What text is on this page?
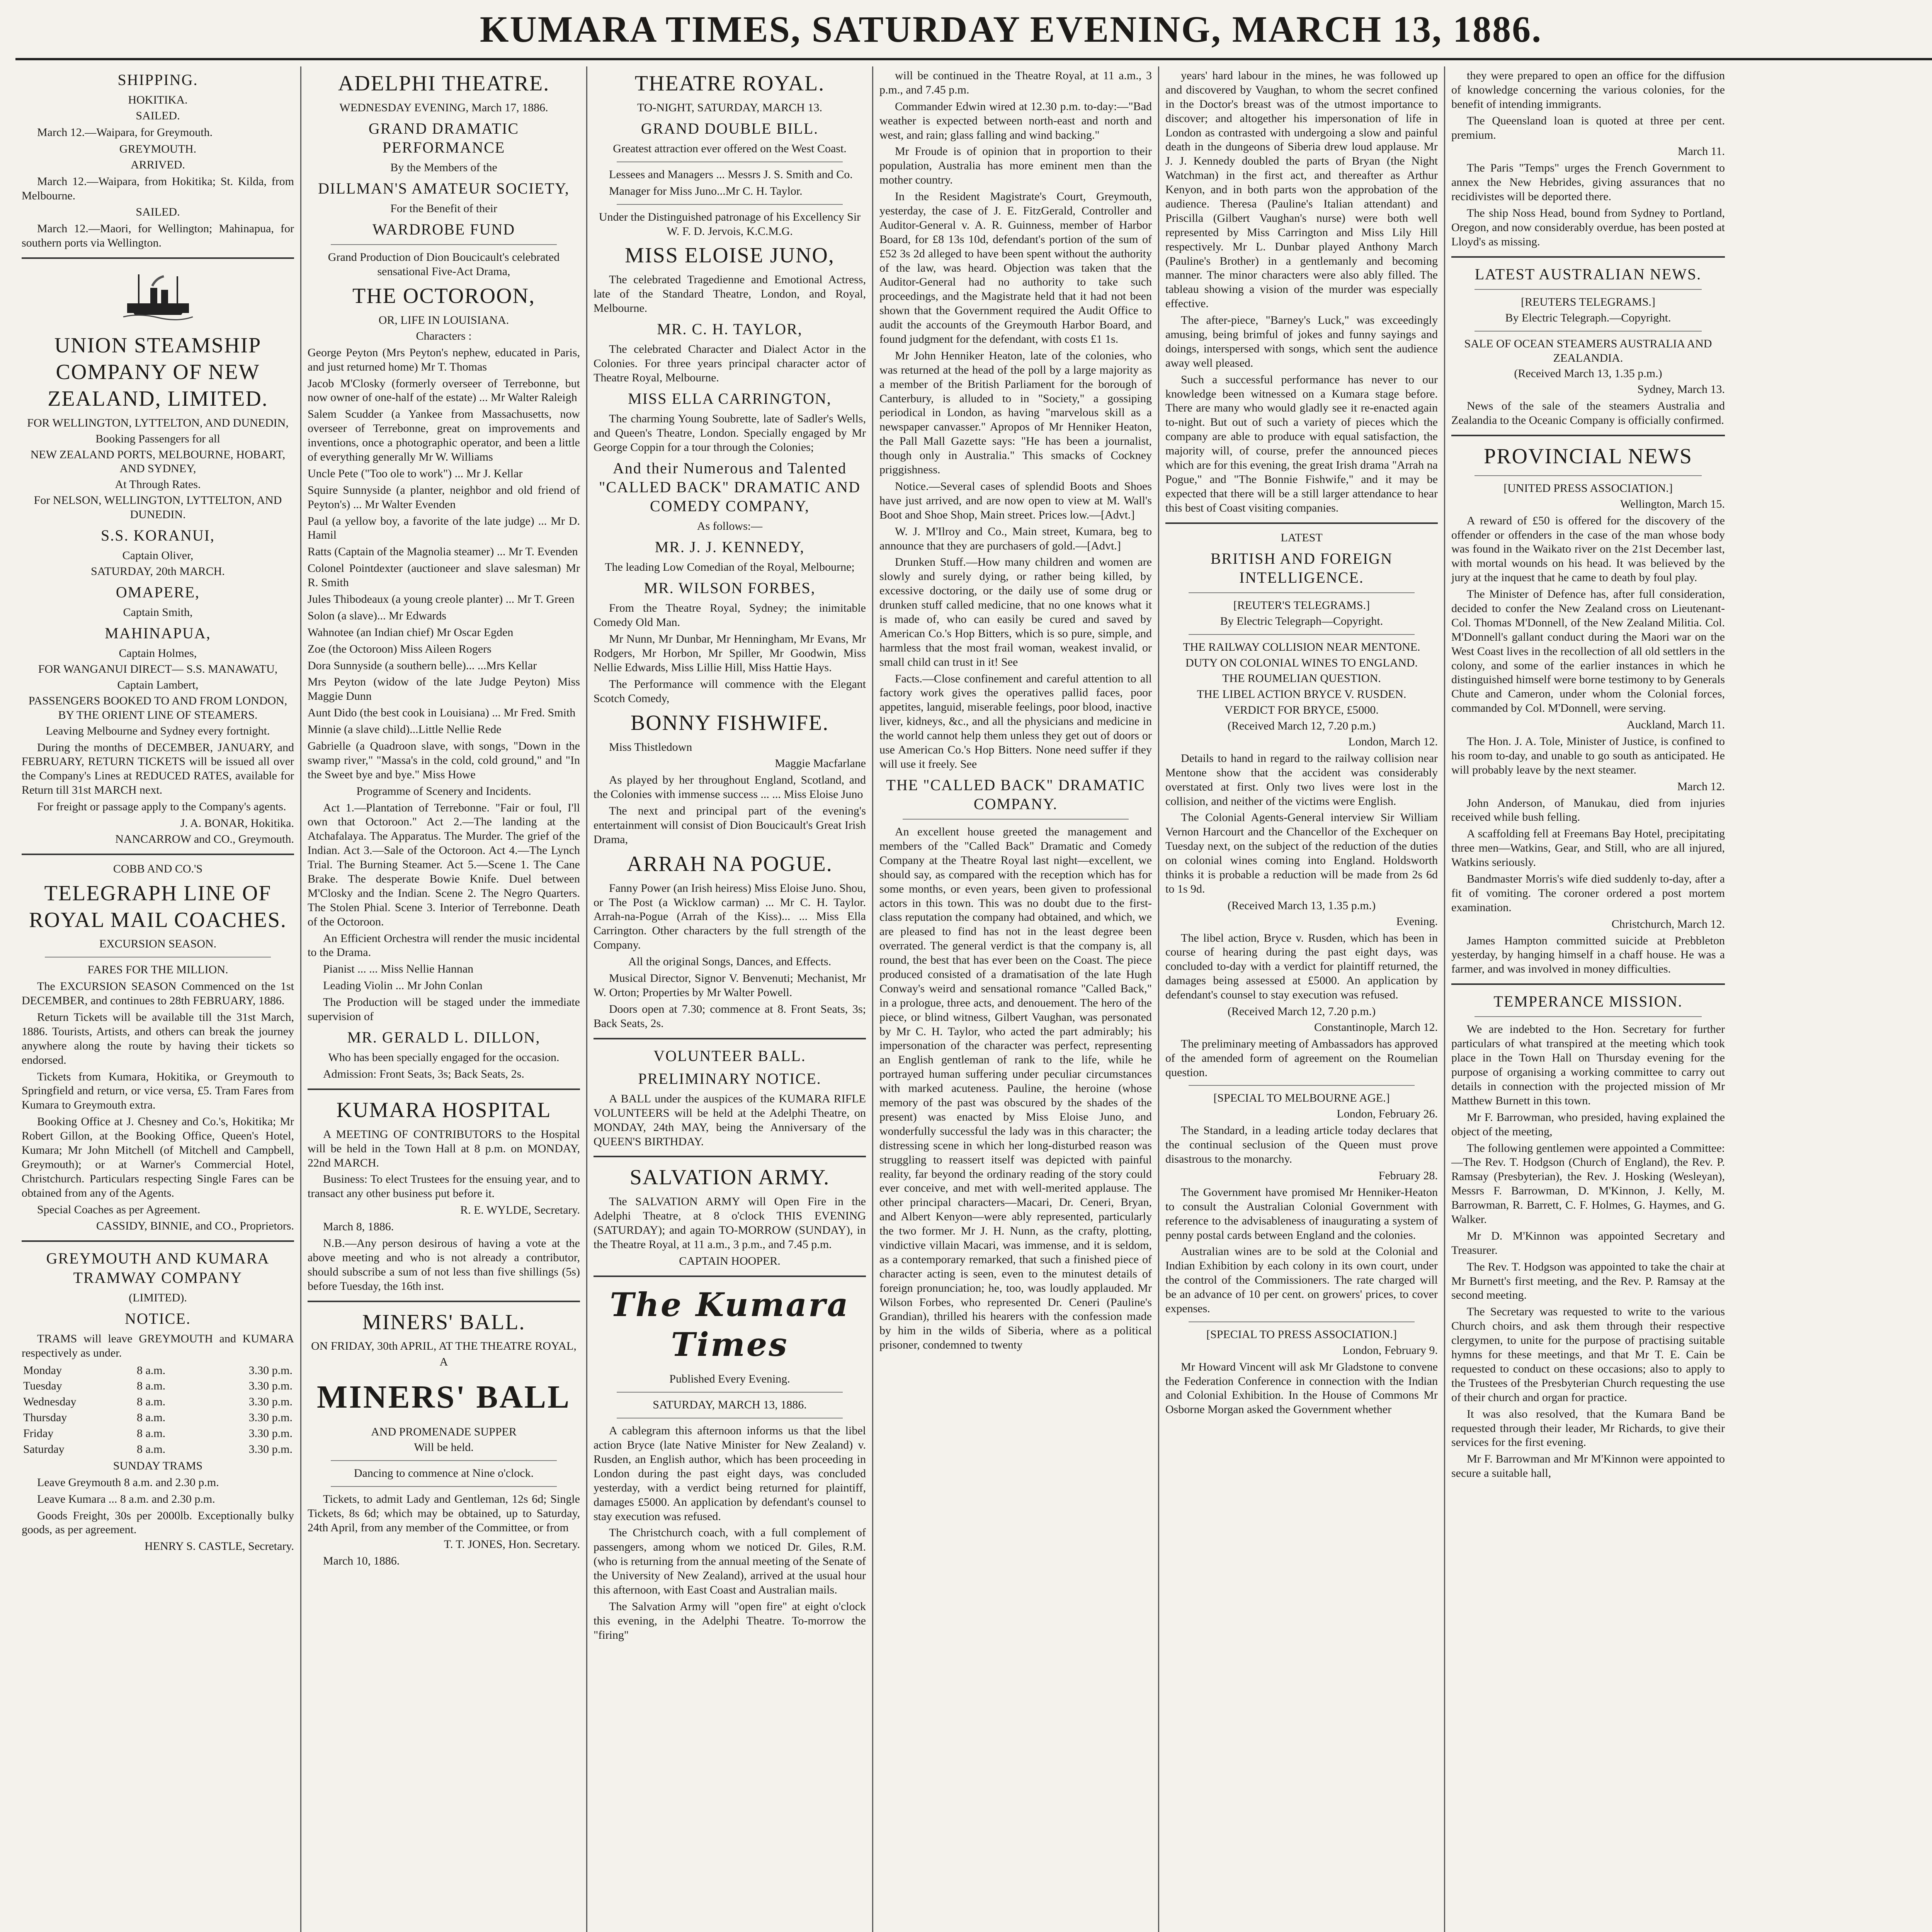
KUMARA TIMES, SATURDAY EVENING, MARCH 13, 1886.
SHIPPING.
HOKITIKA.
SAILED.
March 12.—Waipara, for Greymouth.
GREYMOUTH.
ARRIVED.
March 12.—Waipara, from Hokitika; St. Kilda, from Melbourne.
SAILED.
March 12.—Maori, for Wellington; Mahinapua, for southern ports via Wellington.
UNION STEAMSHIP COMPANY OF NEW ZEALAND, LIMITED.
FOR WELLINGTON, LYTTELTON, AND DUNEDIN,
Booking Passengers for all
NEW ZEALAND PORTS, MELBOURNE, HOBART, AND SYDNEY,
At Through Rates.
For NELSON, WELLINGTON, LYTTELTON, AND DUNEDIN.
S.S. KORANUI,
Captain Oliver,
SATURDAY, 20th MARCH.
OMAPERE,
Captain Smith,
MAHINAPUA,
Captain Holmes,
FOR WANGANUI DIRECT— S.S. MANAWATU,
Captain Lambert,
PASSENGERS BOOKED TO AND FROM LONDON, BY THE ORIENT LINE OF STEAMERS.
Leaving Melbourne and Sydney every fortnight.
During the months of DECEMBER, JANUARY, and FEBRUARY, RETURN TICKETS will be issued all over the Company's Lines at REDUCED RATES, available for Return till 31st MARCH next.
For freight or passage apply to the Company's agents.
J. A. BONAR, Hokitika.
NANCARROW and CO., Greymouth.
COBB AND CO.'S
TELEGRAPH LINE OF ROYAL MAIL COACHES.
EXCURSION SEASON.
FARES FOR THE MILLION.
The EXCURSION SEASON Commenced on the 1st DECEMBER, and continues to 28th FEBRUARY, 1886.
Return Tickets will be available till the 31st March, 1886. Tourists, Artists, and others can break the journey anywhere along the route by having their tickets so endorsed.
Tickets from Kumara, Hokitika, or Greymouth to Springfield and return, or vice versa, £5. Tram Fares from Kumara to Greymouth extra.
Booking Office at J. Chesney and Co.'s, Hokitika; Mr Robert Gillon, at the Booking Office, Queen's Hotel, Kumara; Mr John Mitchell (of Mitchell and Campbell, Greymouth); or at Warner's Commercial Hotel, Christchurch. Particulars respecting Single Fares can be obtained from any of the Agents.
Special Coaches as per Agreement.
CASSIDY, BINNIE, and CO., Proprietors.
GREYMOUTH AND KUMARA TRAMWAY COMPANY
(LIMITED).
NOTICE.
TRAMS will leave GREYMOUTH and KUMARA respectively as under.
Monday	8 a.m.	3.30 p.m.
Tuesday	8 a.m.	3.30 p.m.
Wednesday	8 a.m.	3.30 p.m.
Thursday	8 a.m.	3.30 p.m.
Friday	8 a.m.	3.30 p.m.
Saturday	8 a.m.	3.30 p.m.
SUNDAY TRAMS
Leave Greymouth 8 a.m. and 2.30 p.m.
Leave Kumara ... 8 a.m. and 2.30 p.m.
Goods Freight, 30s per 2000lb. Exceptionally bulky goods, as per agreement.
HENRY S. CASTLE, Secretary.
ADELPHI THEATRE.
WEDNESDAY EVENING, March 17, 1886.
GRAND DRAMATIC PERFORMANCE
By the Members of the
DILLMAN'S AMATEUR SOCIETY,
For the Benefit of their
WARDROBE FUND
Grand Production of Dion Boucicault's celebrated sensational Five-Act Drama,
THE OCTOROON,
OR, LIFE IN LOUISIANA.
Characters :
George Peyton (Mrs Peyton's nephew, educated in Paris, and just returned home) Mr T. Thomas
Jacob M'Closky (formerly overseer of Terrebonne, but now owner of one-half of the estate) ... Mr Walter Raleigh
Salem Scudder (a Yankee from Massachusetts, now overseer of Terrebonne, great on improvements and inventions, once a photographic operator, and been a little of everything generally Mr W. Williams
Uncle Pete ("Too ole to work") ... Mr J. Kellar
Squire Sunnyside (a planter, neighbor and old friend of Peyton's) ... Mr Walter Evenden
Paul (a yellow boy, a favorite of the late judge) ... Mr D. Hamil
Ratts (Captain of the Magnolia steamer) ... Mr T. Evenden
Colonel Pointdexter (auctioneer and slave salesman) Mr R. Smith
Jules Thibodeaux (a young creole planter) ... Mr T. Green
Solon (a slave)... Mr Edwards
Wahnotee (an Indian chief) Mr Oscar Egden
Zoe (the Octoroon) Miss Aileen Rogers
Dora Sunnyside (a southern belle)... ...Mrs Kellar
Mrs Peyton (widow of the late Judge Peyton) Miss Maggie Dunn
Aunt Dido (the best cook in Louisiana) ... Mr Fred. Smith
Minnie (a slave child)...Little Nellie Rede
Gabrielle (a Quadroon slave, with songs, "Down in the swamp river," "Massa's in the cold, cold ground," and "In the Sweet bye and bye." Miss Howe
Programme of Scenery and Incidents.
Act 1.—Plantation of Terrebonne. "Fair or foul, I'll own that Octoroon." Act 2.—The landing at the Atchafalaya. The Apparatus. The Murder. The grief of the Indian. Act 3.—Sale of the Octoroon. Act 4.—The Lynch Trial. The Burning Steamer. Act 5.—Scene 1. The Cane Brake. The desperate Bowie Knife. Duel between M'Closky and the Indian. Scene 2. The Negro Quarters. The Stolen Phial. Scene 3. Interior of Terrebonne. Death of the Octoroon.
An Efficient Orchestra will render the music incidental to the Drama.
Pianist ... ... Miss Nellie Hannan
Leading Violin ... Mr John Conlan
The Production will be staged under the immediate supervision of
MR. GERALD L. DILLON,
Who has been specially engaged for the occasion.
Admission: Front Seats, 3s; Back Seats, 2s.
KUMARA HOSPITAL
A MEETING OF CONTRIBUTORS to the Hospital will be held in the Town Hall at 8 p.m. on MONDAY, 22nd MARCH.
Business: To elect Trustees for the ensuing year, and to transact any other business put before it.
R. E. WYLDE, Secretary.
March 8, 1886.
N.B.—Any person desirous of having a vote at the above meeting and who is not already a contributor, should subscribe a sum of not less than five shillings (5s) before Tuesday, the 16th inst.
MINERS' BALL.
ON FRIDAY, 30th APRIL, AT THE THEATRE ROYAL,
A
MINERS' BALL
AND PROMENADE SUPPER
Will be held.
Dancing to commence at Nine o'clock.
Tickets, to admit Lady and Gentleman, 12s 6d; Single Tickets, 8s 6d; which may be obtained, up to Saturday, 24th April, from any member of the Committee, or from
T. T. JONES, Hon. Secretary.
March 10, 1886.
THEATRE ROYAL.
TO-NIGHT, SATURDAY, MARCH 13.
GRAND DOUBLE BILL.
Greatest attraction ever offered on the West Coast.
Lessees and Managers ... Messrs J. S. Smith and Co.
Manager for Miss Juno...Mr C. H. Taylor.
Under the Distinguished patronage of his Excellency Sir W. F. D. Jervois, K.C.M.G.
MISS ELOISE JUNO,
The celebrated Tragedienne and Emotional Actress, late of the Standard Theatre, London, and Royal, Melbourne.
MR. C. H. TAYLOR,
The celebrated Character and Dialect Actor in the Colonies. For three years principal character actor of Theatre Royal, Melbourne.
MISS ELLA CARRINGTON,
The charming Young Soubrette, late of Sadler's Wells, and Queen's Theatre, London. Specially engaged by Mr George Coppin for a tour through the Colonies;
And their Numerous and Talented "CALLED BACK" DRAMATIC AND COMEDY COMPANY,
As follows:—
MR. J. J. KENNEDY,
The leading Low Comedian of the Royal, Melbourne;
MR. WILSON FORBES,
From the Theatre Royal, Sydney; the inimitable Comedy Old Man.
Mr Nunn, Mr Dunbar, Mr Henningham, Mr Evans, Mr Rodgers, Mr Horbon, Mr Spiller, Mr Goodwin, Miss Nellie Edwards, Miss Lillie Hill, Miss Hattie Hays.
The Performance will commence with the Elegant Scotch Comedy,
BONNY FISHWIFE.
Miss Thistledown
Maggie Macfarlane
As played by her throughout England, Scotland, and the Colonies with immense success ... ... Miss Eloise Juno
The next and principal part of the evening's entertainment will consist of Dion Boucicault's Great Irish Drama,
ARRAH NA POGUE.
Fanny Power (an Irish heiress) Miss Eloise Juno. Shou, or The Post (a Wicklow carman) ... Mr C. H. Taylor. Arrah-na-Pogue (Arrah of the Kiss)... ... Miss Ella Carrington. Other characters by the full strength of the Company.
All the original Songs, Dances, and Effects.
Musical Director, Signor V. Benvenuti; Mechanist, Mr W. Orton; Properties by Mr Walter Powell.
Doors open at 7.30; commence at 8. Front Seats, 3s; Back Seats, 2s.
VOLUNTEER BALL.
PRELIMINARY NOTICE.
A BALL under the auspices of the KUMARA RIFLE VOLUNTEERS will be held at the Adelphi Theatre, on MONDAY, 24th MAY, being the Anniversary of the QUEEN'S BIRTHDAY.
SALVATION ARMY.
The SALVATION ARMY will Open Fire in the Adelphi Theatre, at 8 o'clock THIS EVENING (SATURDAY); and again TO-MORROW (SUNDAY), in the Theatre Royal, at 11 a.m., 3 p.m., and 7.45 p.m.
CAPTAIN HOOPER.
The Kumara Times
Published Every Evening.
SATURDAY, MARCH 13, 1886.
A cablegram this afternoon informs us that the libel action Bryce (late Native Minister for New Zealand) v. Rusden, an English author, which has been proceeding in London during the past eight days, was concluded yesterday, with a verdict being returned for plaintiff, damages £5000. An application by defendant's counsel to stay execution was refused.
The Christchurch coach, with a full complement of passengers, among whom we noticed Dr. Giles, R.M. (who is returning from the annual meeting of the Senate of the University of New Zealand), arrived at the usual hour this afternoon, with East Coast and Australian mails.
The Salvation Army will "open fire" at eight o'clock this evening, in the Adelphi Theatre. To-morrow the "firing"
will be continued in the Theatre Royal, at 11 a.m., 3 p.m., and 7.45 p.m.
Commander Edwin wired at 12.30 p.m. to-day:—"Bad weather is expected between north-east and north and west, and rain; glass falling and wind backing."
Mr Froude is of opinion that in proportion to their population, Australia has more eminent men than the mother country.
In the Resident Magistrate's Court, Greymouth, yesterday, the case of J. E. FitzGerald, Controller and Auditor-General v. A. R. Guinness, member of Harbor Board, for £8 13s 10d, defendant's portion of the sum of £52 3s 2d alleged to have been spent without the authority of the law, was heard. Objection was taken that the Auditor-General had no authority to take such proceedings, and the Magistrate held that it had not been shown that the Government required the Audit Office to audit the accounts of the Greymouth Harbor Board, and found judgment for the defendant, with costs £1 1s.
Mr John Henniker Heaton, late of the colonies, who was returned at the head of the poll by a large majority as a member of the British Parliament for the borough of Canterbury, is alluded to in "Society," a gossiping periodical in London, as having "marvelous skill as a newspaper canvasser." Apropos of Mr Henniker Heaton, the Pall Mall Gazette says: "He has been a journalist, though only in Australia." This smacks of Cockney priggishness.
Notice.—Several cases of splendid Boots and Shoes have just arrived, and are now open to view at M. Wall's Boot and Shoe Shop, Main street. Prices low.—[Advt.]
W. J. M'Ilroy and Co., Main street, Kumara, beg to announce that they are purchasers of gold.—[Advt.]
Drunken Stuff.—How many children and women are slowly and surely dying, or rather being killed, by excessive doctoring, or the daily use of some drug or drunken stuff called medicine, that no one knows what it is made of, who can easily be cured and saved by American Co.'s Hop Bitters, which is so pure, simple, and harmless that the most frail woman, weakest invalid, or small child can trust in it! See
Facts.—Close confinement and careful attention to all factory work gives the operatives pallid faces, poor appetites, languid, miserable feelings, poor blood, inactive liver, kidneys, &c., and all the physicians and medicine in the world cannot help them unless they get out of doors or use American Co.'s Hop Bitters. None need suffer if they will use it freely. See
THE "CALLED BACK" DRAMATIC COMPANY.
An excellent house greeted the management and members of the "Called Back" Dramatic and Comedy Company at the Theatre Royal last night—excellent, we should say, as compared with the reception which has for some months, or even years, been given to professional actors in this town. This was no doubt due to the first-class reputation the company had obtained, and which, we are pleased to find has not in the least degree been overrated. The general verdict is that the company is, all round, the best that has ever been on the Coast. The piece produced consisted of a dramatisation of the late Hugh Conway's weird and sensational romance "Called Back," in a prologue, three acts, and denouement. The hero of the piece, or blind witness, Gilbert Vaughan, was personated by Mr C. H. Taylor, who acted the part admirably; his impersonation of the character was perfect, representing an English gentleman of rank to the life, while he portrayed human suffering under peculiar circumstances with marked acuteness. Pauline, the heroine (whose memory of the past was obscured by the shades of the present) was enacted by Miss Eloise Juno, and wonderfully successful the lady was in this character; the distressing scene in which her long-disturbed reason was struggling to reassert itself was depicted with painful reality, far beyond the ordinary reading of the story could ever conceive, and met with well-merited applause. The other principal characters—Macari, Dr. Ceneri, Bryan, and Albert Kenyon—were ably represented, particularly the two former. Mr J. H. Nunn, as the crafty, plotting, vindictive villain Macari, was immense, and it is seldom, as a contemporary remarked, that such a finished piece of character acting is seen, even to the minutest details of foreign pronunciation; he, too, was loudly applauded. Mr Wilson Forbes, who represented Dr. Ceneri (Pauline's Grandian), thrilled his hearers with the confession made by him in the wilds of Siberia, where as a political prisoner, condemned to twenty
years' hard labour in the mines, he was followed up and discovered by Vaughan, to whom the secret confined in the Doctor's breast was of the utmost importance to discover; and altogether his impersonation of life in London as contrasted with undergoing a slow and painful death in the dungeons of Siberia drew loud applause. Mr J. J. Kennedy doubled the parts of Bryan (the Night Watchman) in the first act, and thereafter as Arthur Kenyon, and in both parts won the approbation of the audience. Theresa (Pauline's Italian attendant) and Priscilla (Gilbert Vaughan's nurse) were both well represented by Miss Carrington and Miss Lily Hill respectively. Mr L. Dunbar played Anthony March (Pauline's Brother) in a gentlemanly and becoming manner. The minor characters were also ably filled. The tableau showing a vision of the murder was especially effective.
The after-piece, "Barney's Luck," was exceedingly amusing, being brimful of jokes and funny sayings and doings, interspersed with songs, which sent the audience away well pleased.
Such a successful performance has never to our knowledge been witnessed on a Kumara stage before. There are many who would gladly see it re-enacted again to-night. But out of such a variety of pieces which the company are able to produce with equal satisfaction, the majority will, of course, prefer the announced pieces which are for this evening, the great Irish drama "Arrah na Pogue," and "The Bonnie Fishwife," and it may be expected that there will be a still larger attendance to hear this best of Coast visiting companies.
LATEST
BRITISH AND FOREIGN INTELLIGENCE.
[REUTER'S TELEGRAMS.]
By Electric Telegraph—Copyright.
THE RAILWAY COLLISION NEAR MENTONE.
DUTY ON COLONIAL WINES TO ENGLAND.
THE ROUMELIAN QUESTION.
THE LIBEL ACTION BRYCE V. RUSDEN.
VERDICT FOR BRYCE, £5000.
(Received March 12, 7.20 p.m.)
London, March 12.
Details to hand in regard to the railway collision near Mentone show that the accident was considerably overstated at first. Only two lives were lost in the collision, and neither of the victims were English.
The Colonial Agents-General interview Sir William Vernon Harcourt and the Chancellor of the Exchequer on Tuesday next, on the subject of the reduction of the duties on colonial wines coming into England. Holdsworth thinks it is probable a reduction will be made from 2s 6d to 1s 9d.
(Received March 13, 1.35 p.m.)
Evening.
The libel action, Bryce v. Rusden, which has been in course of hearing during the past eight days, was concluded to-day with a verdict for plaintiff returned, the damages being assessed at £5000. An application by defendant's counsel to stay execution was refused.
(Received March 12, 7.20 p.m.)
Constantinople, March 12.
The preliminary meeting of Ambassadors has approved of the amended form of agreement on the Roumelian question.
[SPECIAL TO MELBOURNE AGE.]
London, February 26.
The Standard, in a leading article today declares that the continual seclusion of the Queen must prove disastrous to the monarchy.
February 28.
The Government have promised Mr Henniker-Heaton to consult the Australian Colonial Government with reference to the advisableness of inaugurating a system of penny postal cards between England and the colonies.
Australian wines are to be sold at the Colonial and Indian Exhibition by each colony in its own court, under the control of the Commissioners. The rate charged will be an advance of 10 per cent. on growers' prices, to cover expenses.
[SPECIAL TO PRESS ASSOCIATION.]
London, February 9.
Mr Howard Vincent will ask Mr Gladstone to convene the Federation Conference in connection with the Indian and Colonial Exhibition. In the House of Commons Mr Osborne Morgan asked the Government whether
they were prepared to open an office for the diffusion of knowledge concerning the various colonies, for the benefit of intending immigrants.
The Queensland loan is quoted at three per cent. premium.
March 11.
The Paris "Temps" urges the French Government to annex the New Hebrides, giving assurances that no recidivistes will be deported there.
The ship Noss Head, bound from Sydney to Portland, Oregon, and now considerably overdue, has been posted at Lloyd's as missing.
LATEST AUSTRALIAN NEWS.
[REUTERS TELEGRAMS.]
By Electric Telegraph.—Copyright.
SALE OF OCEAN STEAMERS AUSTRALIA AND ZEALANDIA.
(Received March 13, 1.35 p.m.)
Sydney, March 13.
News of the sale of the steamers Australia and Zealandia to the Oceanic Company is officially confirmed.
PROVINCIAL NEWS
[UNITED PRESS ASSOCIATION.]
Wellington, March 15.
A reward of £50 is offered for the discovery of the offender or offenders in the case of the man whose body was found in the Waikato river on the 21st December last, with mortal wounds on his head. It was believed by the jury at the inquest that he came to death by foul play.
The Minister of Defence has, after full consideration, decided to confer the New Zealand cross on Lieutenant-Col. Thomas M'Donnell, of the New Zealand Militia. Col. M'Donnell's gallant conduct during the Maori war on the West Coast lives in the recollection of all old settlers in the colony, and some of the earlier instances in which he distinguished himself were borne testimony to by Generals Chute and Cameron, under whom the Colonial forces, commanded by Col. M'Donnell, were serving.
Auckland, March 11.
The Hon. J. A. Tole, Minister of Justice, is confined to his room to-day, and unable to go south as anticipated. He will probably leave by the next steamer.
March 12.
John Anderson, of Manukau, died from injuries received while bush felling.
A scaffolding fell at Freemans Bay Hotel, precipitating three men—Watkins, Gear, and Still, who are all injured, Watkins seriously.
Bandmaster Morris's wife died suddenly to-day, after a fit of vomiting. The coroner ordered a post mortem examination.
Christchurch, March 12.
James Hampton committed suicide at Prebbleton yesterday, by hanging himself in a chaff house. He was a farmer, and was involved in money difficulties.
TEMPERANCE MISSION.
We are indebted to the Hon. Secretary for further particulars of what transpired at the meeting which took place in the Town Hall on Thursday evening for the purpose of organising a working committee to carry out details in connection with the projected mission of Mr Matthew Burnett in this town.
Mr F. Barrowman, who presided, having explained the object of the meeting,
The following gentlemen were appointed a Committee:—The Rev. T. Hodgson (Church of England), the Rev. P. Ramsay (Presbyterian), the Rev. J. Hosking (Wesleyan), Messrs F. Barrowman, D. M'Kinnon, J. Kelly, M. Barrowman, R. Barrett, C. F. Holmes, G. Haymes, and G. Walker.
Mr D. M'Kinnon was appointed Secretary and Treasurer.
The Rev. T. Hodgson was appointed to take the chair at Mr Burnett's first meeting, and the Rev. P. Ramsay at the second meeting.
The Secretary was requested to write to the various Church choirs, and ask them through their respective clergymen, to unite for the purpose of practising suitable hymns for these meetings, and that Mr T. E. Cain be requested to conduct on these occasions; also to apply to the Trustees of the Presbyterian Church requesting the use of their church and organ for practice.
It was also resolved, that the Kumara Band be requested through their leader, Mr Richards, to give their services for the first evening.
Mr F. Barrowman and Mr M'Kinnon were appointed to secure a suitable hall,
